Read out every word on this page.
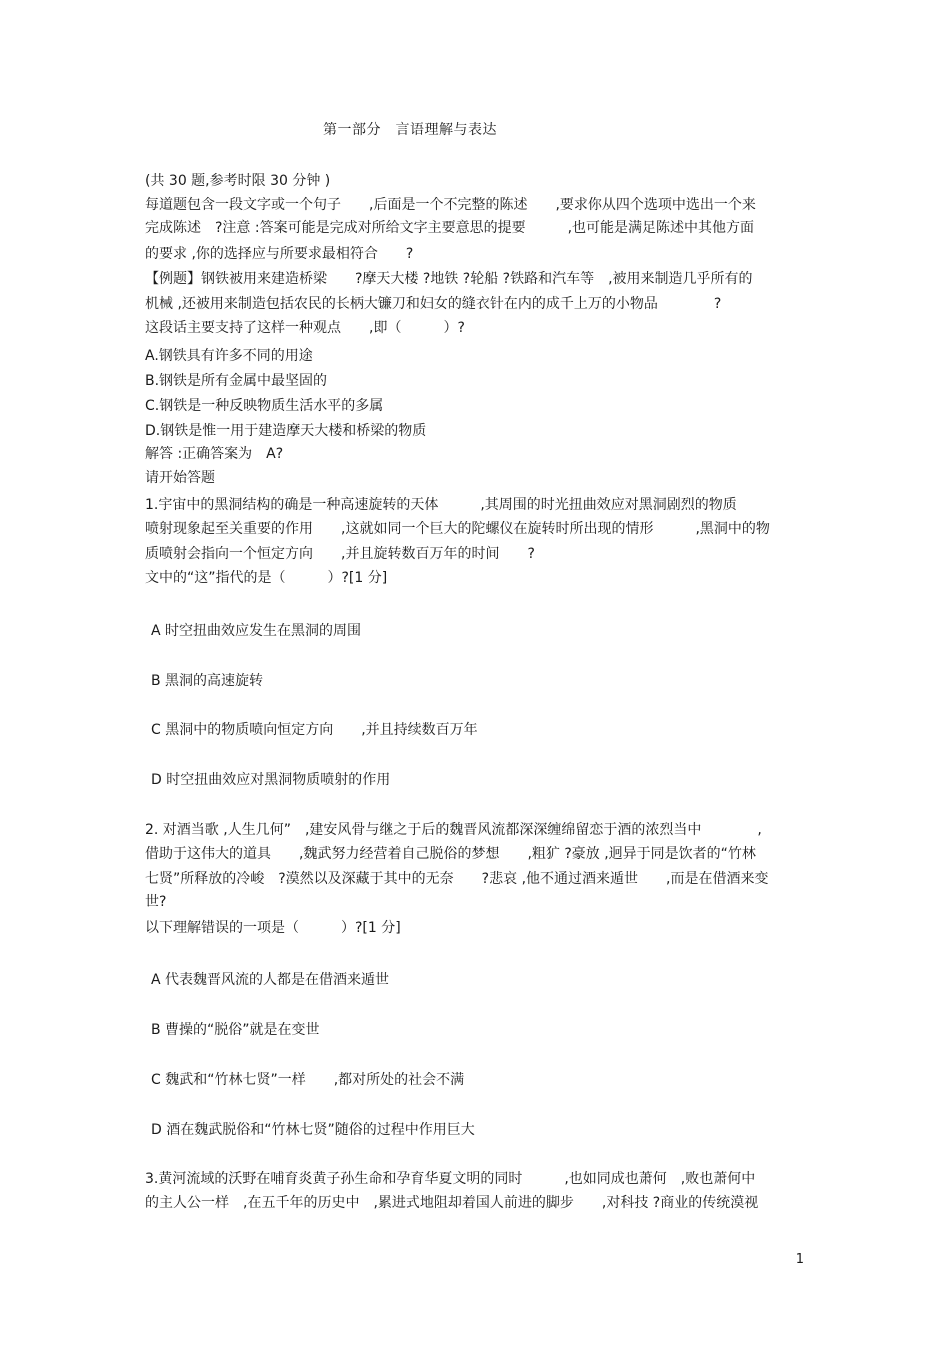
第一部分　言语理解与表达
(共 30 题,参考时限 30 分钟 )
每道题包含一段文字或一个句子　　,后面是一个不完整的陈述　　,要求你从四个选项中选出一个来
完成陈述　?注意 :答案可能是完成对所给文字主要意思的提要　　　,也可能是满足陈述中其他方面
的要求 ,你的选择应与所要求最相符合　　?
【例题】钢铁被用来建造桥梁　　?摩天大楼 ?地铁 ?轮船 ?铁路和汽车等　,被用来制造几乎所有的
机械 ,还被用来制造包括农民的长柄大镰刀和妇女的缝衣针在内的成千上万的小物品　　　　?
这段话主要支持了这样一种观点　　,即（　　　）?
A.钢铁具有许多不同的用途
B.钢铁是所有金属中最坚固的
C.钢铁是一种反映物质生活水平的多属
D.钢铁是惟一用于建造摩天大楼和桥梁的物质
解答 :正确答案为　A?
请开始答题
1.宇宙中的黑洞结构的确是一种高速旋转的天体　　　,其周围的时光扭曲效应对黑洞剧烈的物质
喷射现象起至关重要的作用　　,这就如同一个巨大的陀螺仪在旋转时所出现的情形　　　,黑洞中的物
质喷射会指向一个恒定方向　　,并且旋转数百万年的时间　　?
文中的“这”指代的是（　　　）?[1 分]
A 时空扭曲效应发生在黑洞的周围
B 黑洞的高速旋转
C 黑洞中的物质喷向恒定方向　　,并且持续数百万年
D 时空扭曲效应对黑洞物质喷射的作用
2. 对酒当歌 ,人生几何”　,建安风骨与继之于后的魏晋风流都深深缠绵留恋于酒的浓烈当中　　　　,
借助于这伟大的道具　　,魏武努力经营着自己脱俗的梦想　　,粗犷 ?豪放 ,迥异于同是饮者的“竹林
七贤”所释放的冷峻　?漠然以及深藏于其中的无奈　　?悲哀 ,他不通过酒来遁世　　,而是在借酒来变
世?
以下理解错误的一项是（　　　）?[1 分]
A 代表魏晋风流的人都是在借酒来遁世
B 曹操的“脱俗”就是在变世
C 魏武和“竹林七贤”一样　　,都对所处的社会不满
D 酒在魏武脱俗和“竹林七贤”随俗的过程中作用巨大
3.黄河流域的沃野在哺育炎黄子孙生命和孕育华夏文明的同时　　　,也如同成也萧何　,败也萧何中
的主人公一样　,在五千年的历史中　,累进式地阻却着国人前进的脚步　　,对科技 ?商业的传统漠视
1
